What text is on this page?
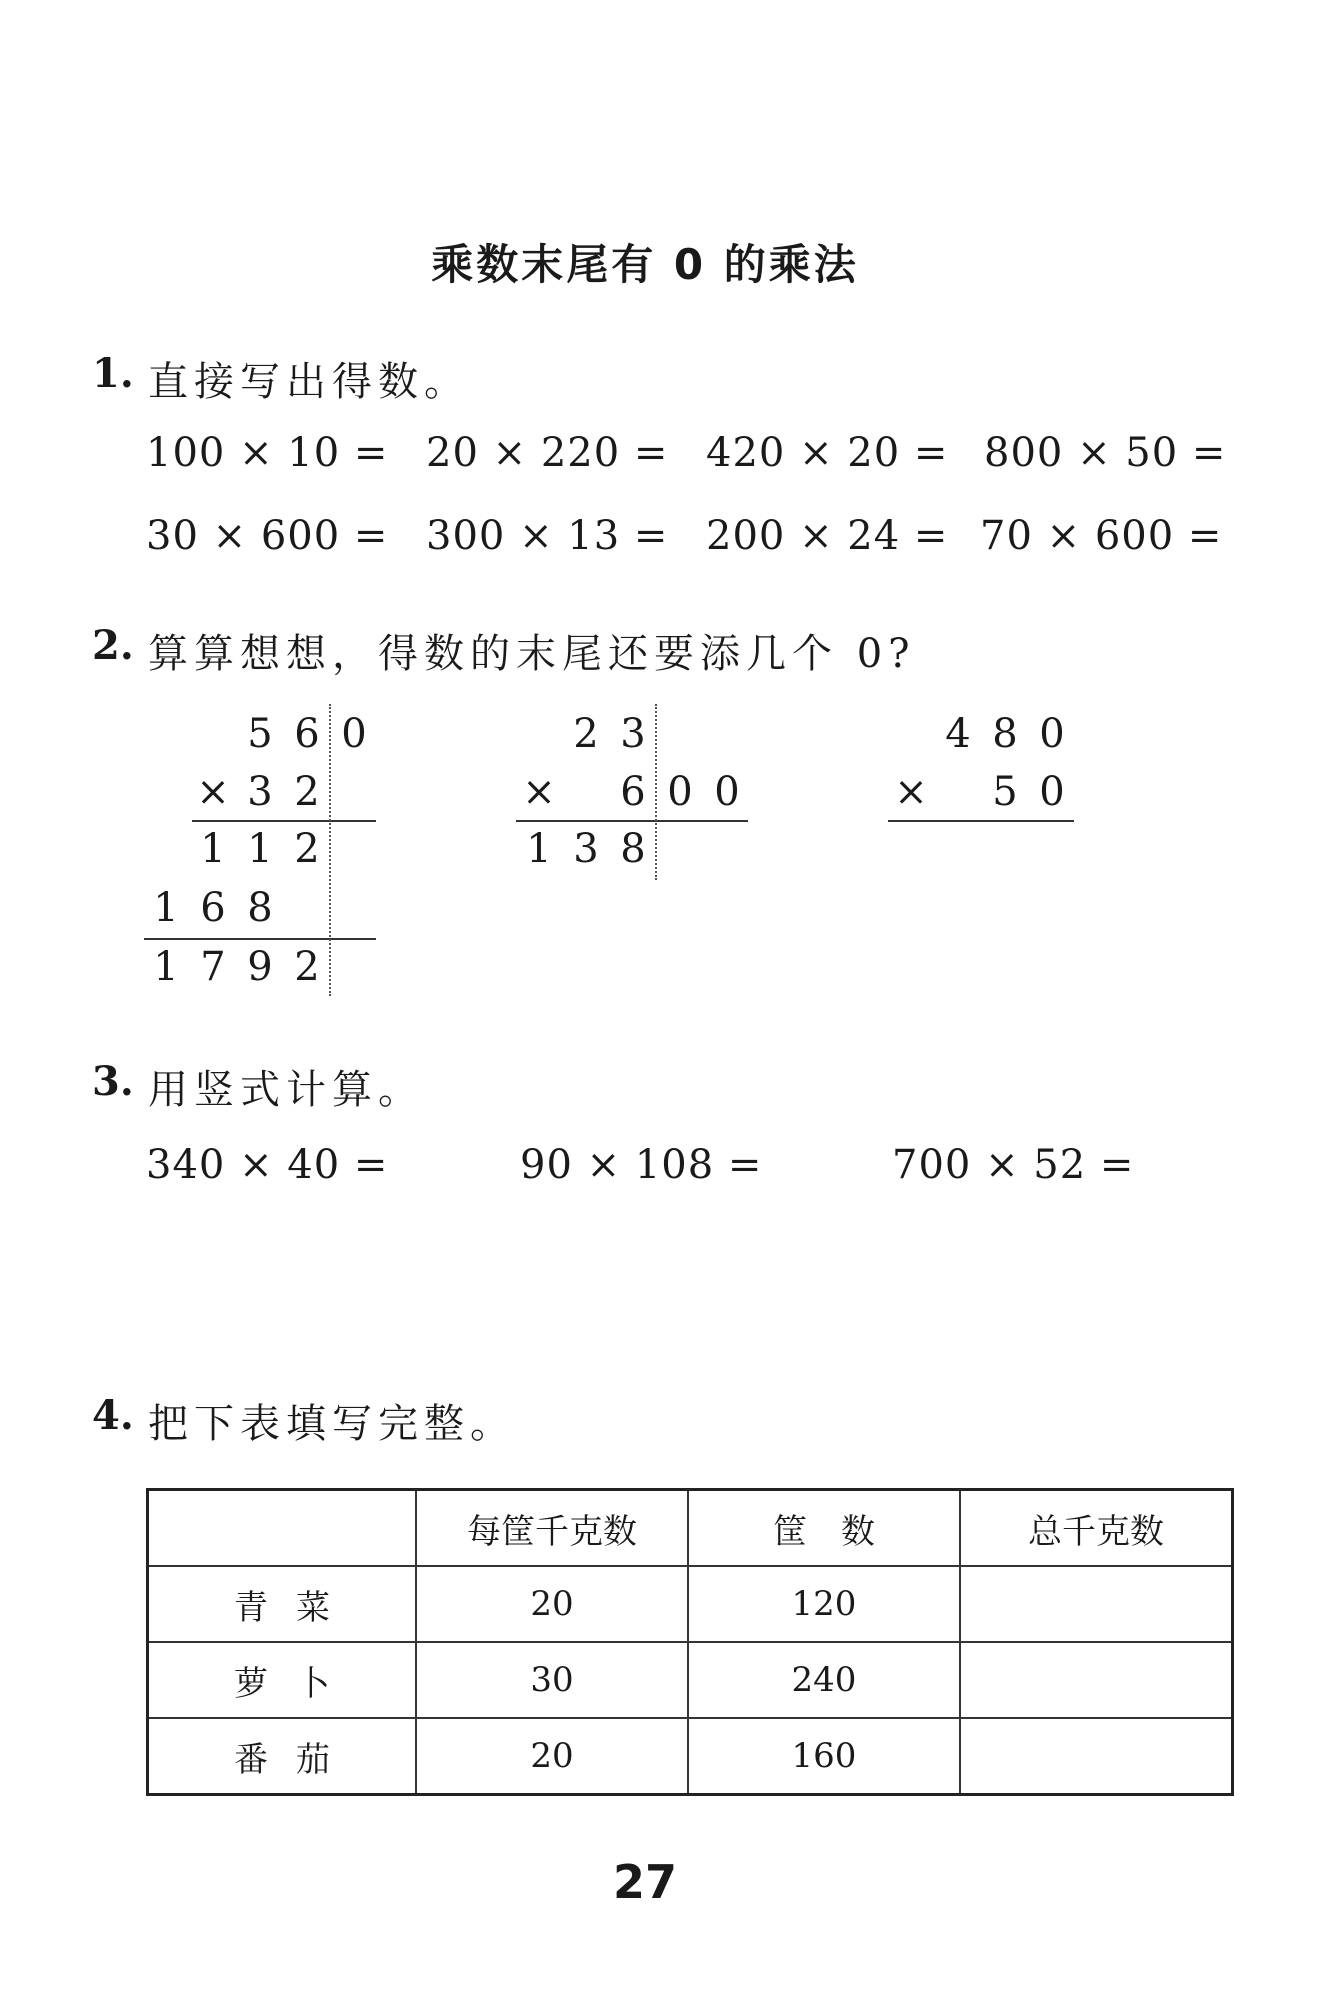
乘数末尾有 0 的乘法
1. 直接写出得数。
100 × 10 = 20 × 220 = 420 × 20 = 800 × 50 =
30 × 600 = 300 × 13 = 200 × 24 = 70 × 600 =
2. 算算想想，得数的末尾还要添几个 0?
5 6 0
× 3 2
1 1 2
1 6 8
1 7 9 2
2 3
× 6 0 0
1 3 8
4 8 0
× 5 0
3. 用竖式计算。
340 × 40 =	90 × 108 =	700 × 52 =
4. 把下表填写完整。
	每筐千克数	筐　数	总千克数
青菜	20	120	
萝卜	30	240	
番茄	20	160	
27
